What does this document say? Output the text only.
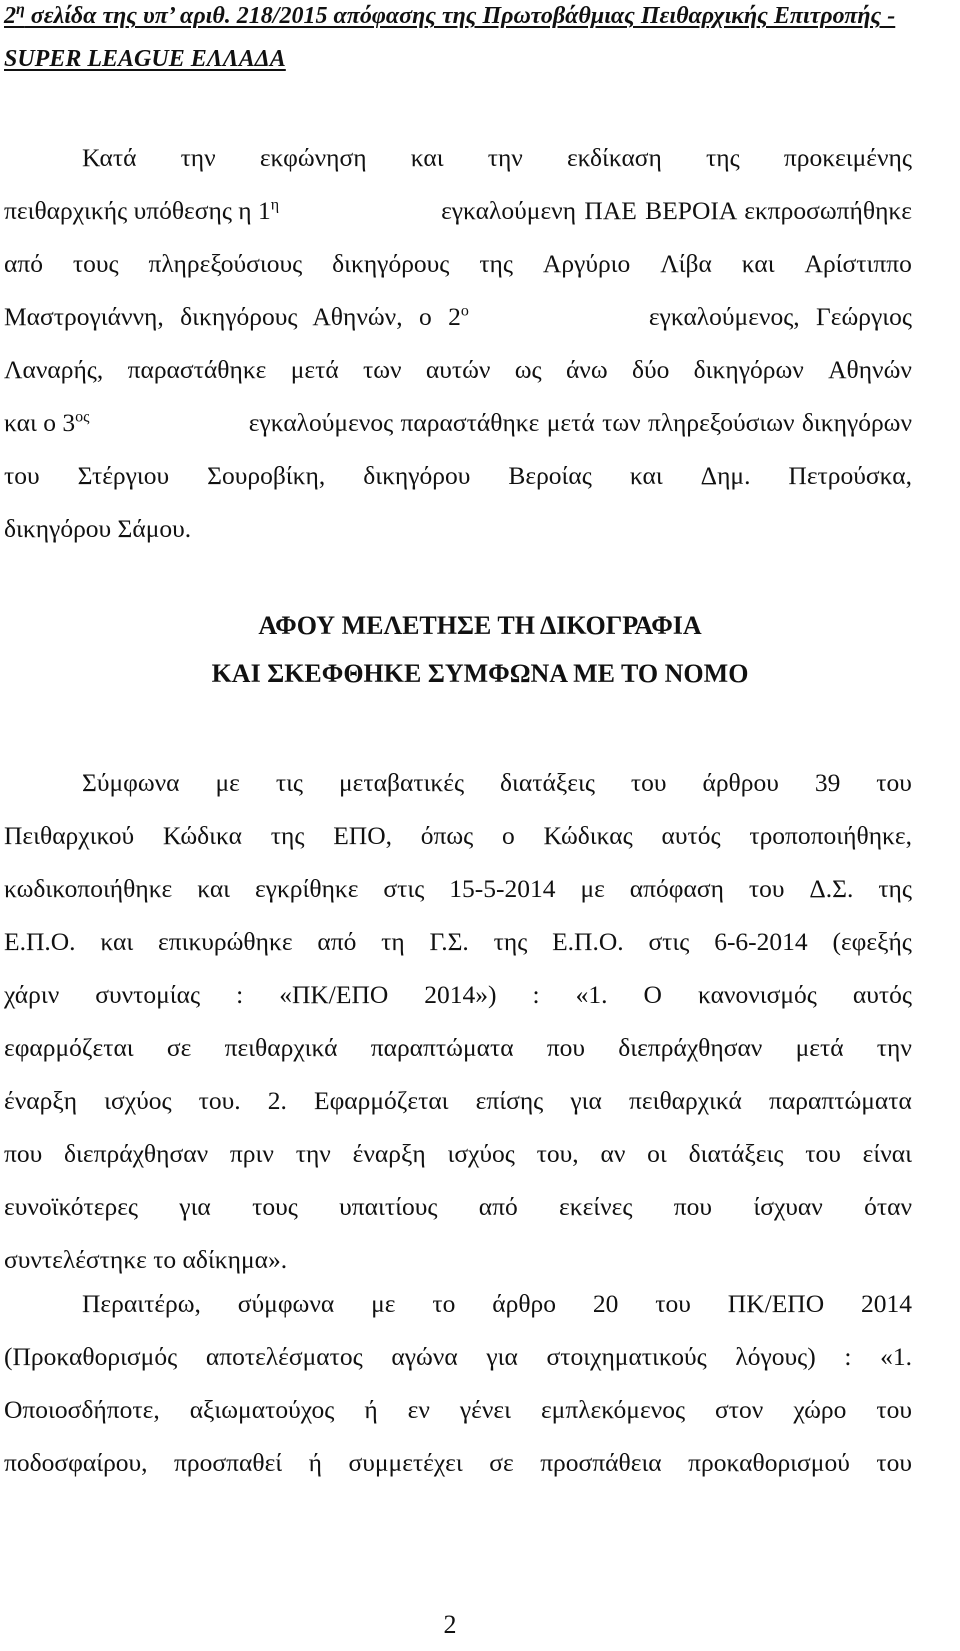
$2^\eta$ σελίδα της υπ’ αριθ. 218/2015 απόφασης της Πρωτοβάθμιας Πειθαρχικής Επιτροπής -
SUPER LEAGUE ΕΛΛΑΔΑ
Κατά την εκφώνηση και την εκδίκαση της προκειμένης
πειθαρχικής υπόθεσης η $1^\eta$	εγκαλούμενη ΠΑΕ ΒΕΡΟΙΑ εκπροσωπήθηκε
από τους πληρεξούσιους δικηγόρους της Αργύριο Λίβα και Αρίστιππο
Μαστρογιάννη, δικηγόρους Αθηνών, ο $2^o$	εγκαλούμενος, Γεώργιος
Λαναρής, παραστάθηκε μετά των αυτών ως άνω δύο δικηγόρων Αθηνών
και ο $3^{o\varsigma}$	εγκαλούμενος παραστάθηκε μετά των πληρεξούσιων δικηγόρων
του Στέργιου Σουροβίκη, δικηγόρου Βεροίας και Δημ. Πετρούσκα,
δικηγόρου Σάμου.
ΑΦΟΥ ΜΕΛΕΤΗΣΕ ΤΗ ΔΙΚΟΓΡΑΦΙΑ
ΚΑΙ ΣΚΕΦΘΗΚΕ ΣΥΜΦΩΝΑ ΜΕ ΤΟ ΝΟΜΟ
Σύμφωνα με τις μεταβατικές διατάξεις του άρθρου 39 του
Πειθαρχικού Κώδικα της ΕΠΟ, όπως ο Κώδικας αυτός τροποποιήθηκε,
κωδικοποιήθηκε και εγκρίθηκε στις 15-5-2014 με απόφαση του Δ.Σ. της
Ε.Π.Ο. και επικυρώθηκε από τη Γ.Σ. της Ε.Π.Ο. στις 6-6-2014 (εφεξής
χάριν συντομίας : «ΠΚ/ΕΠΟ 2014») : «1. Ο κανονισμός αυτός
εφαρμόζεται σε πειθαρχικά παραπτώματα που διεπράχθησαν μετά την
έναρξη ισχύος του. 2. Εφαρμόζεται επίσης για πειθαρχικά παραπτώματα
που διεπράχθησαν πριν την έναρξη ισχύος του, αν οι διατάξεις του είναι
ευνοϊκότερες για τους υπαιτίους από εκείνες που ίσχυαν όταν
συντελέστηκε το αδίκημα».
Περαιτέρω, σύμφωνα με το άρθρο 20 του ΠΚ/ΕΠΟ 2014
(Προκαθορισμός αποτελέσματος αγώνα για στοιχηματικούς λόγους) : «1.
Οποιοσδήποτε, αξιωματούχος ή εν γένει εμπλεκόμενος στον χώρο του
ποδοσφαίρου, προσπαθεί ή συμμετέχει σε προσπάθεια προκαθορισμού του
2
